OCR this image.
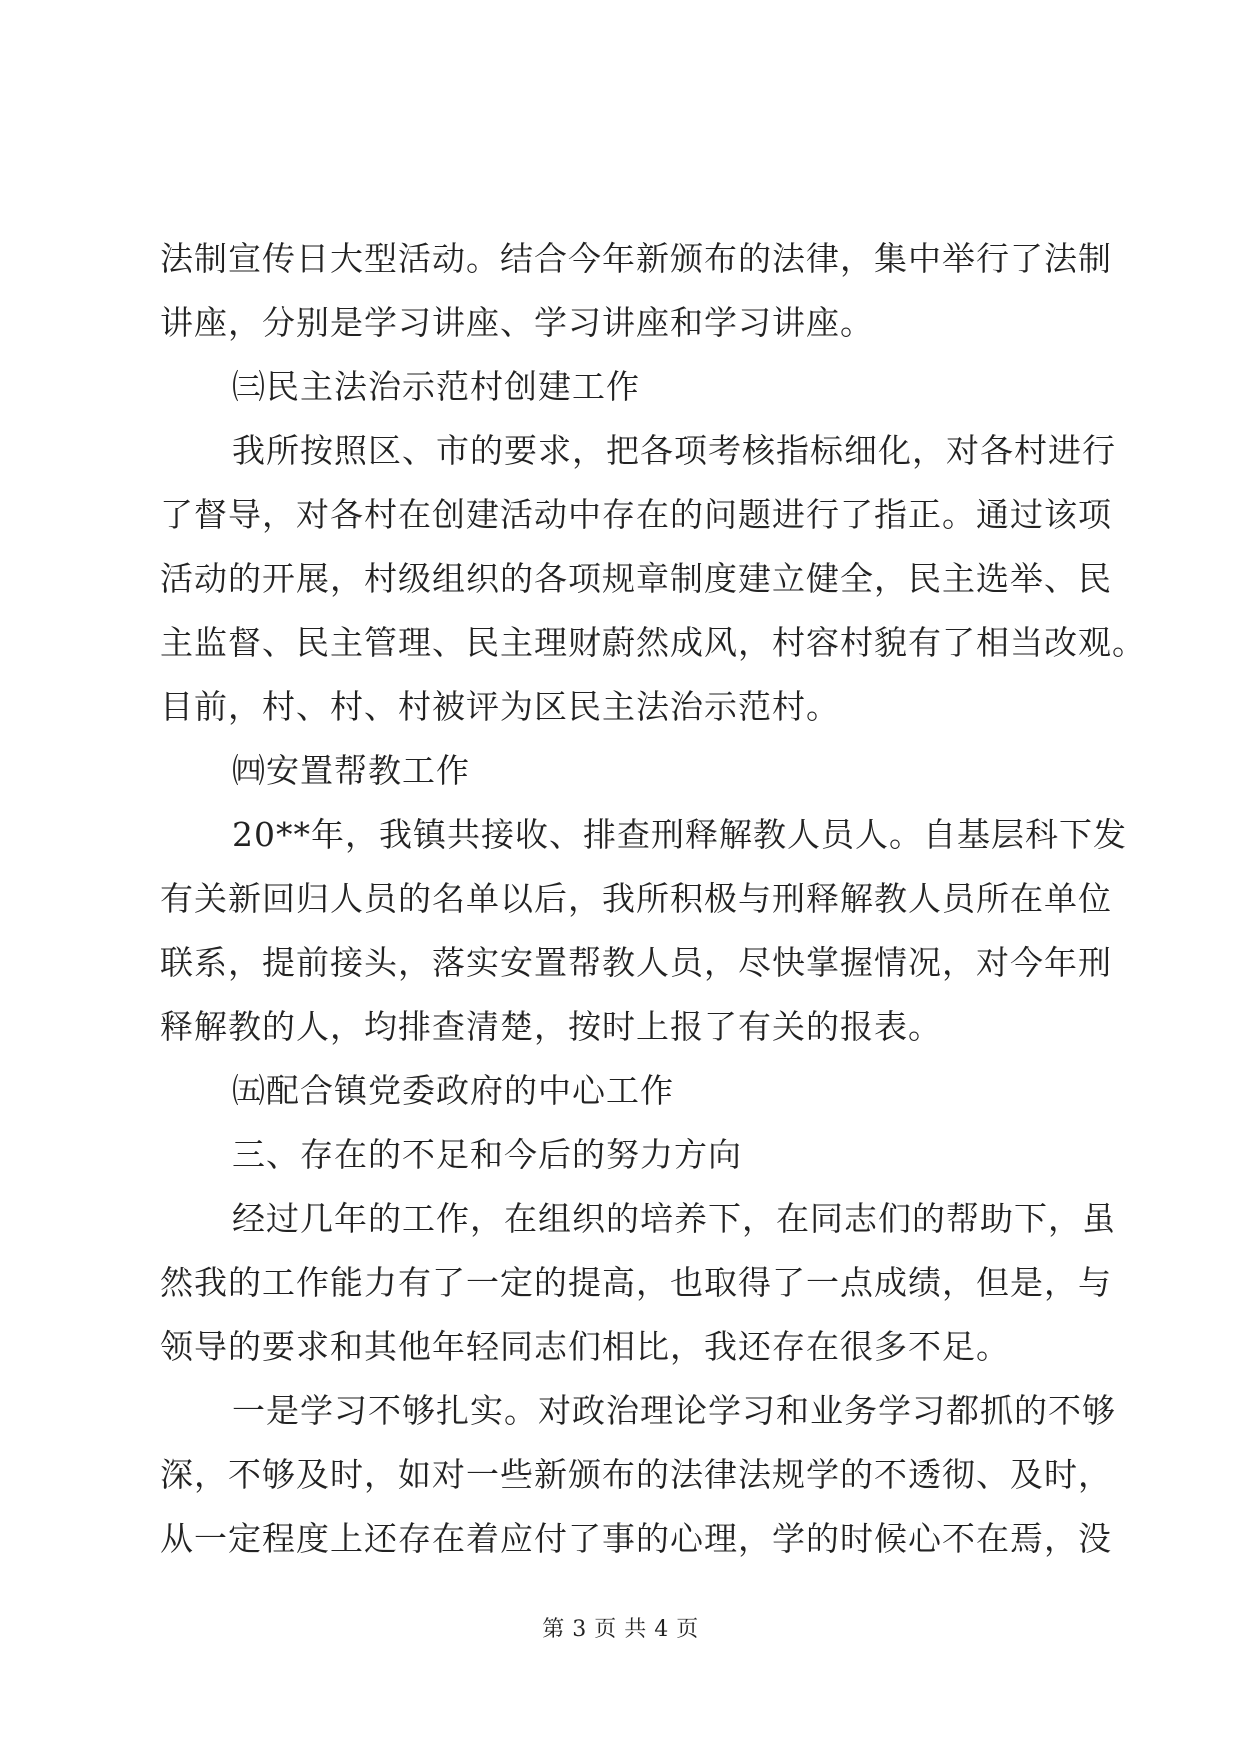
法制宣传日大型活动。结合今年新颁布的法律，集中举行了法制
讲座，分别是学习讲座、学习讲座和学习讲座。
㈢民主法治示范村创建工作
我所按照区、市的要求，把各项考核指标细化，对各村进行
了督导，对各村在创建活动中存在的问题进行了指正。通过该项
活动的开展，村级组织的各项规章制度建立健全，民主选举、民
主监督、民主管理、民主理财蔚然成风，村容村貌有了相当改观。
目前，村、村、村被评为区民主法治示范村。
㈣安置帮教工作
20**年，我镇共接收、排查刑释解教人员人。自基层科下发
有关新回归人员的名单以后，我所积极与刑释解教人员所在单位
联系，提前接头，落实安置帮教人员，尽快掌握情况，对今年刑
释解教的人，均排查清楚，按时上报了有关的报表。
㈤配合镇党委政府的中心工作
三、存在的不足和今后的努力方向
经过几年的工作，在组织的培养下，在同志们的帮助下，虽
然我的工作能力有了一定的提高，也取得了一点成绩，但是，与
领导的要求和其他年轻同志们相比，我还存在很多不足。
一是学习不够扎实。对政治理论学习和业务学习都抓的不够
深，不够及时，如对一些新颁布的法律法规学的不透彻、及时，
从一定程度上还存在着应付了事的心理，学的时候心不在焉，没
第 3 页 共 4 页
